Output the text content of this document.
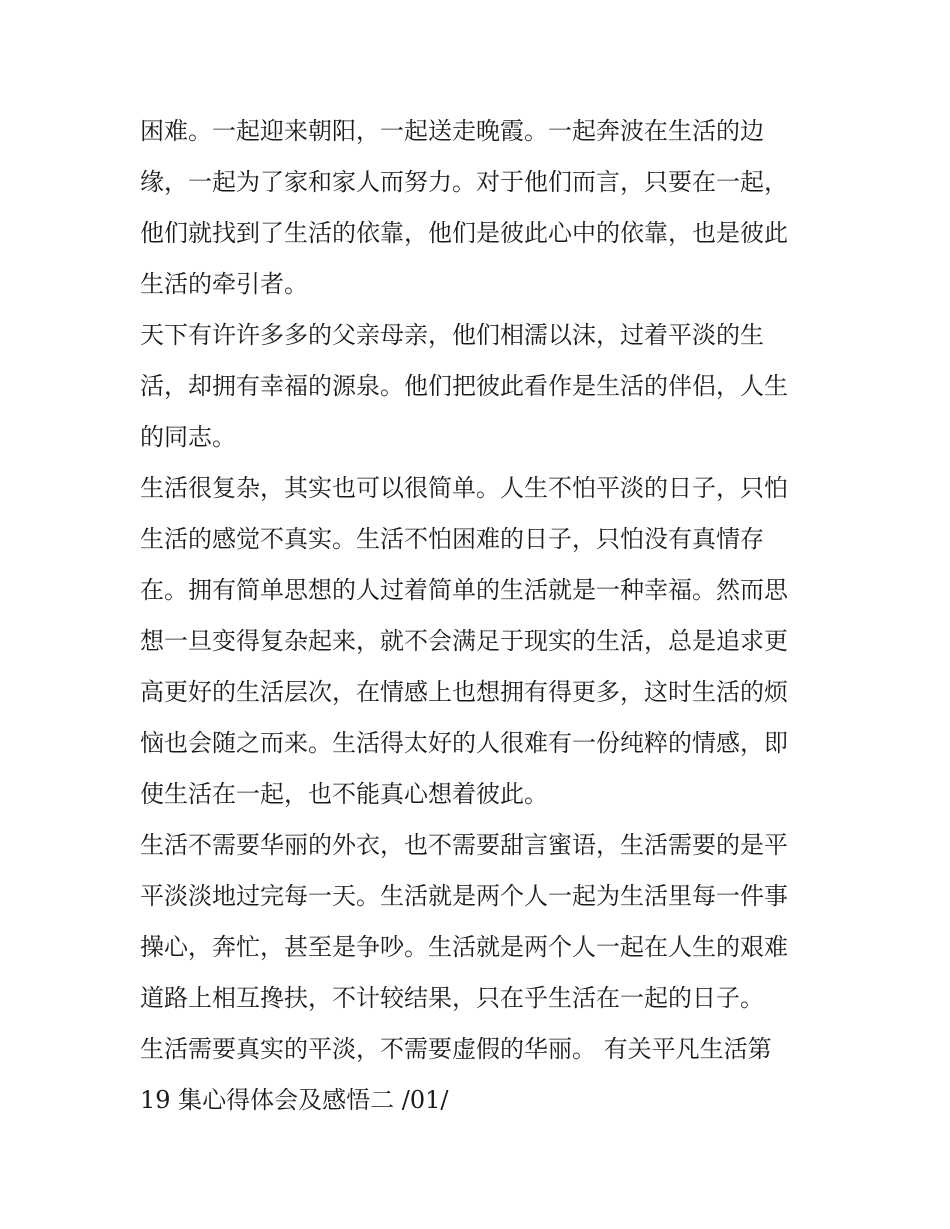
困难。一起迎来朝阳，一起送走晚霞。一起奔波在生活的边
缘，一起为了家和家人而努力。对于他们而言，只要在一起，
他们就找到了生活的依靠，他们是彼此心中的依靠，也是彼此
生活的牵引者。
天下有许许多多的父亲母亲，他们相濡以沫，过着平淡的生
活，却拥有幸福的源泉。他们把彼此看作是生活的伴侣，人生
的同志。
生活很复杂，其实也可以很简单。人生不怕平淡的日子，只怕
生活的感觉不真实。生活不怕困难的日子，只怕没有真情存
在。拥有简单思想的人过着简单的生活就是一种幸福。然而思
想一旦变得复杂起来，就不会满足于现实的生活，总是追求更
高更好的生活层次，在情感上也想拥有得更多，这时生活的烦
恼也会随之而来。生活得太好的人很难有一份纯粹的情感，即
使生活在一起，也不能真心想着彼此。
生活不需要华丽的外衣，也不需要甜言蜜语，生活需要的是平
平淡淡地过完每一天。生活就是两个人一起为生活里每一件事
操心，奔忙，甚至是争吵。生活就是两个人一起在人生的艰难
道路上相互搀扶，不计较结果，只在乎生活在一起的日子。
生活需要真实的平淡，不需要虚假的华丽。 有关平凡生活第
19 集心得体会及感悟二 /01/
